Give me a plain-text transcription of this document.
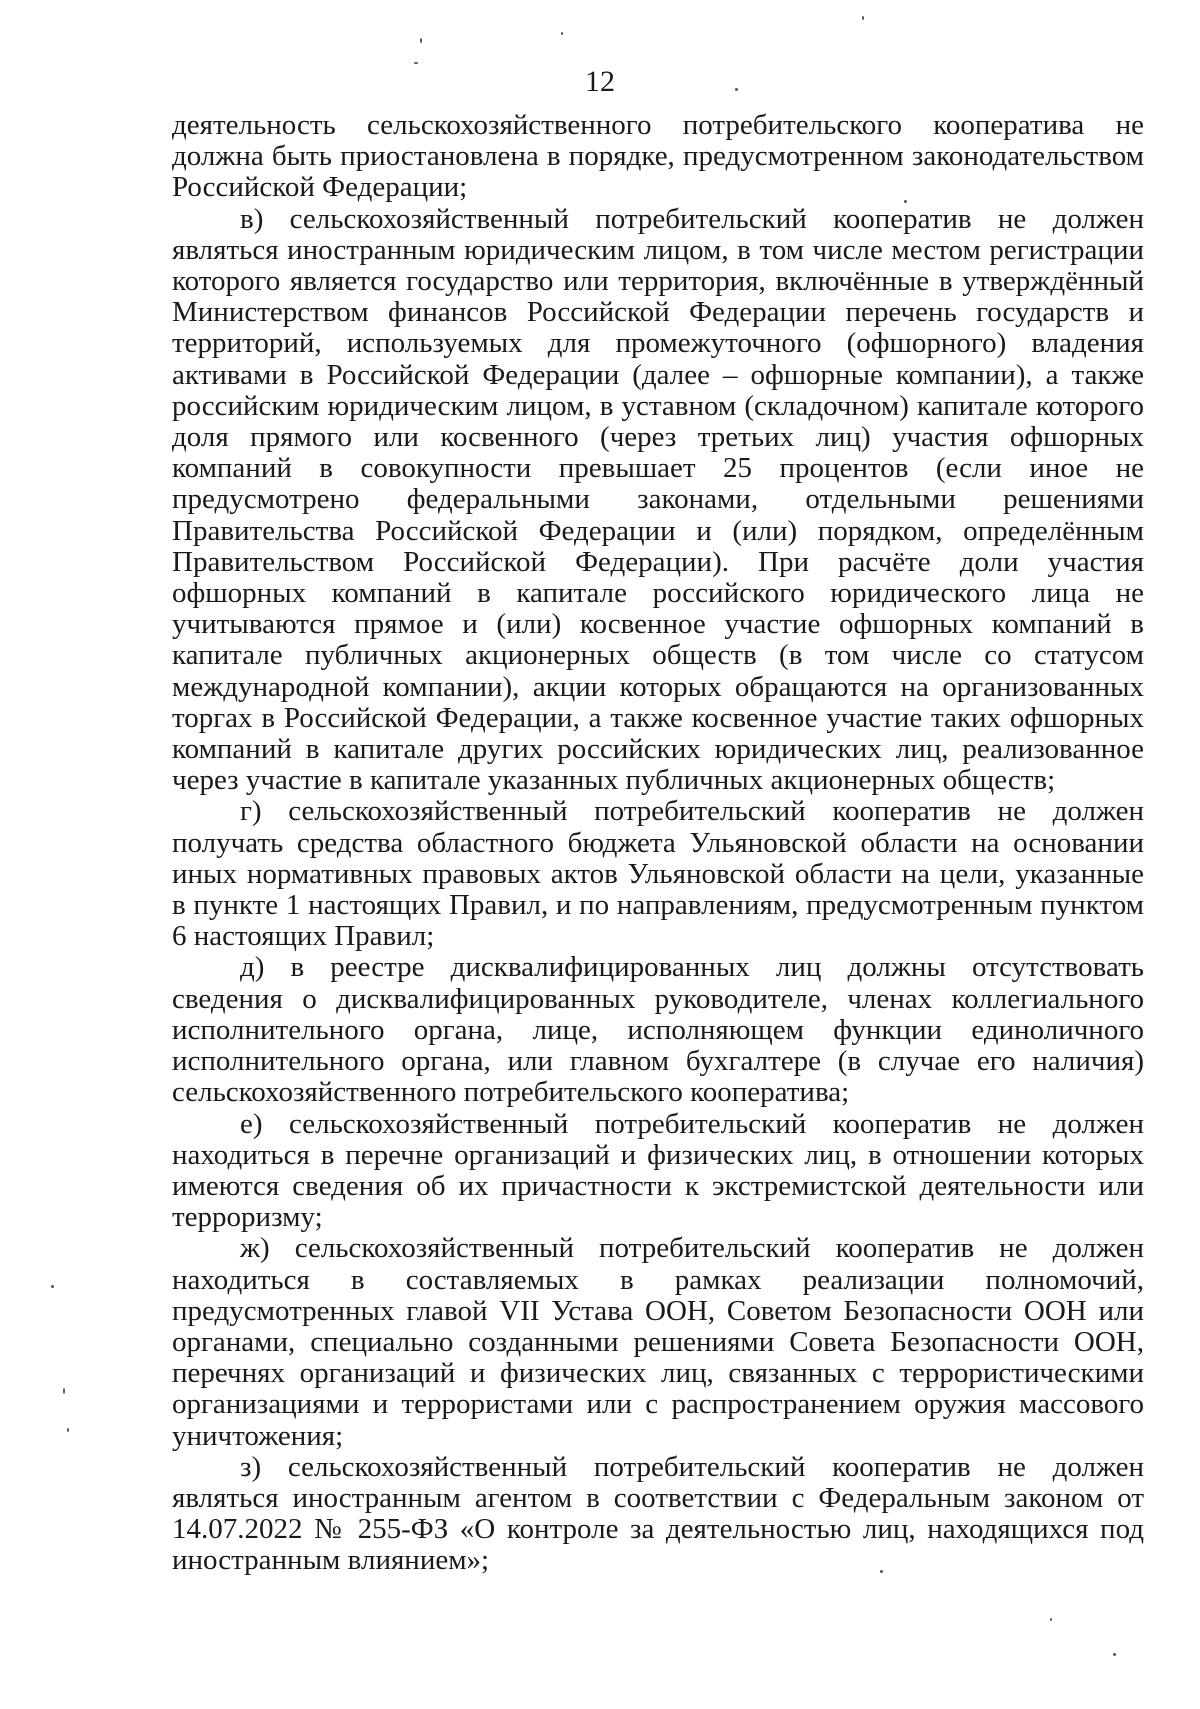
12

деятельность сельскохозяйственного потребительского кооператива не должна быть приостановлена в порядке, предусмотренном законодательством Российской Федерации;

в) сельскохозяйственный потребительский кооператив не должен являться иностранным юридическим лицом, в том числе местом регистрации которого является государство или территория, включённые в утверждённый Министерством финансов Российской Федерации перечень государств и территорий, используемых для промежуточного (офшорного) владения активами в Российской Федерации (далее – офшорные компании), а также российским юридическим лицом, в уставном (складочном) капитале которого доля прямого или косвенного (через третьих лиц) участия офшорных компаний в совокупности превышает 25 процентов (если иное не предусмотрено федеральными законами, отдельными решениями Правительства Российской Федерации и (или) порядком, определённым Правительством Российской Федерации). При расчёте доли участия офшорных компаний в капитале российского юридического лица не учитываются прямое и (или) косвенное участие офшорных компаний в капитале публичных акционерных обществ (в том числе со статусом международной компании), акции которых обращаются на организованных торгах в Российской Федерации, а также косвенное участие таких офшорных компаний в капитале других российских юридических лиц, реализованное через участие в капитале указанных публичных акционерных обществ;

г) сельскохозяйственный потребительский кооператив не должен получать средства областного бюджета Ульяновской области на основании иных нормативных правовых актов Ульяновской области на цели, указанные в пункте 1 настоящих Правил, и по направлениям, предусмотренным пунктом 6 настоящих Правил;

д) в реестре дисквалифицированных лиц должны отсутствовать сведения о дисквалифицированных руководителе, членах коллегиального исполнительного органа, лице, исполняющем функции единоличного исполнительного органа, или главном бухгалтере (в случае его наличия) сельскохозяйственного потребительского кооператива;

е) сельскохозяйственный потребительский кооператив не должен находиться в перечне организаций и физических лиц, в отношении которых имеются сведения об их причастности к экстремистской деятельности или терроризму;

ж) сельскохозяйственный потребительский кооператив не должен находиться в составляемых в рамках реализации полномочий, предусмотренных главой VII Устава ООН, Советом Безопасности ООН или органами, специально созданными решениями Совета Безопасности ООН, перечнях организаций и физических лиц, связанных с террористическими организациями и террористами или с распространением оружия массового уничтожения;

з) сельскохозяйственный потребительский кооператив не должен являться иностранным агентом в соответствии с Федеральным законом от 14.07.2022 № 255-ФЗ «О контроле за деятельностью лиц, находящихся под иностранным влиянием»;
